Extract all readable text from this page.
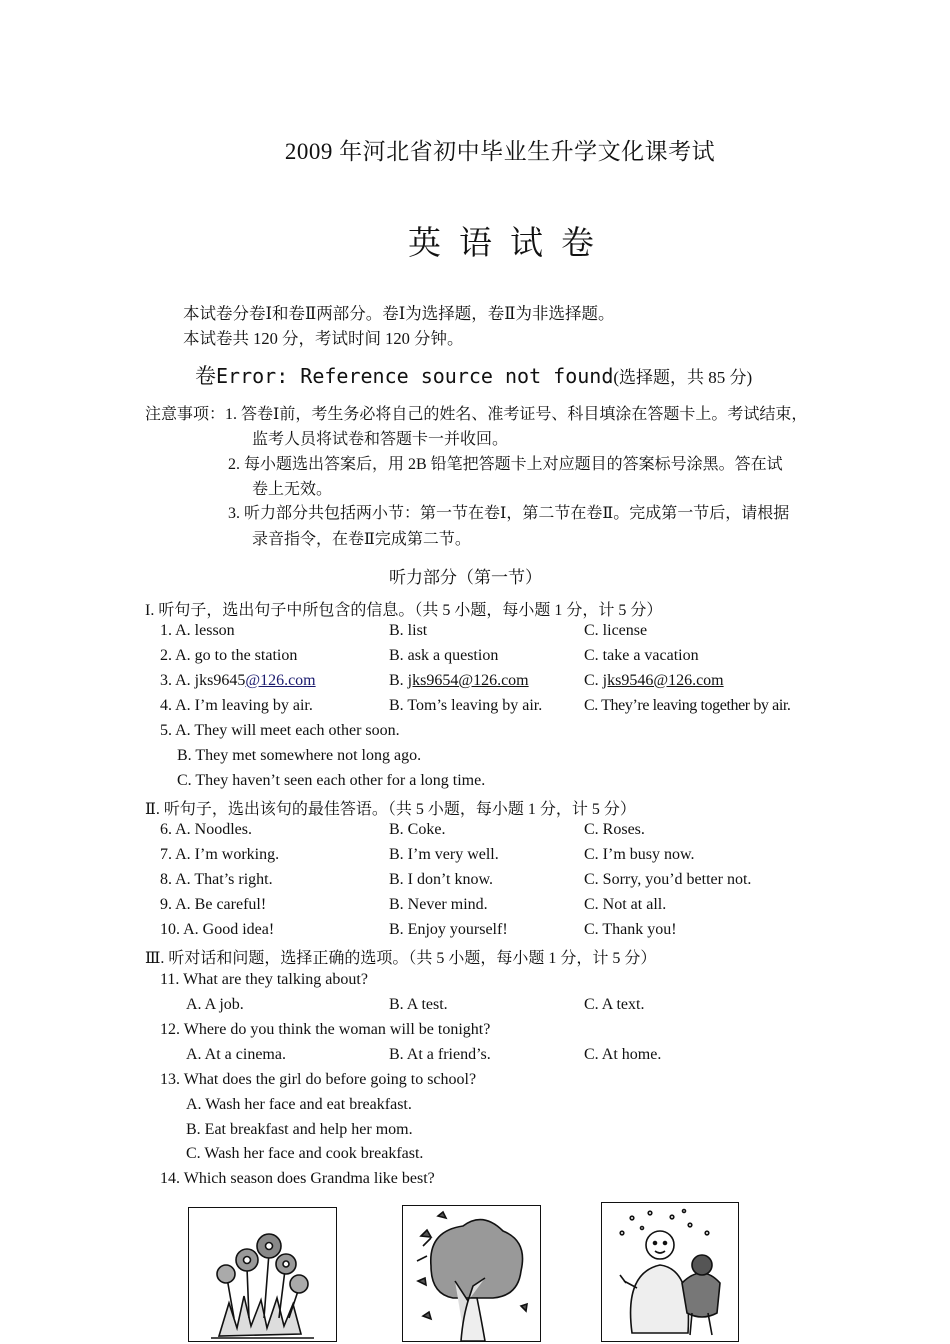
2009 年河北省初中毕业生升学文化课考试
英语试卷
本试卷分卷Ⅰ和卷Ⅱ两部分。卷Ⅰ为选择题，卷Ⅱ为非选择题。
本试卷共 120 分，考试时间 120 分钟。
卷Error: Reference source not found(选择题，共 85 分)
注意事项：1. 答卷Ⅰ前，考生务必将自己的姓名、准考证号、科目填涂在答题卡上。考试结束，
监考人员将试卷和答题卡一并收回。
2. 每小题选出答案后，用 2B 铅笔把答题卡上对应题目的答案标号涂黑。答在试
卷上无效。
3. 听力部分共包括两小节：第一节在卷Ⅰ，第二节在卷Ⅱ。完成第一节后，请根据
录音指令，在卷Ⅱ完成第二节。
听力部分（第一节）
I. 听句子，选出句子中所包含的信息。（共 5 小题，每小题 1 分，计 5 分）
1. A. lesson	B. list	C. license
2. A. go to the station	B. ask a question	C. take a vacation
3. A. jks9645@126.com	B. jks9654@126.com	C. jks9546@126.com
4. A. I’m leaving by air.	B. Tom’s leaving by air.	C. They’re leaving together by air.
5. A. They will meet each other soon.
B. They met somewhere not long ago.
C. They haven’t seen each other for a long time.
Ⅱ. 听句子，选出该句的最佳答语。（共 5 小题，每小题 1 分，计 5 分）
6. A. Noodles.	B. Coke.	C. Roses.
7. A. I’m working.	B. I’m very well.	C. I’m busy now.
8. A. That’s right.	B. I don’t know.	C. Sorry, you’d better not.
9. A. Be careful!	B. Never mind.	C. Not at all.
10. A. Good idea!	B. Enjoy yourself!	C. Thank you!
Ⅲ. 听对话和问题，选择正确的选项。（共 5 小题，每小题 1 分，计 5 分）
11. What are they talking about?
A. A job.	B. A test.	C. A text.
12. Where do you think the woman will be tonight?
A. At a cinema.	B. At a friend’s.	C. At home.
13. What does the girl do before going to school?
A. Wash her face and eat breakfast.
B. Eat breakfast and help her mom.
C. Wash her face and cook breakfast.
14. Which season does Grandma like best?
